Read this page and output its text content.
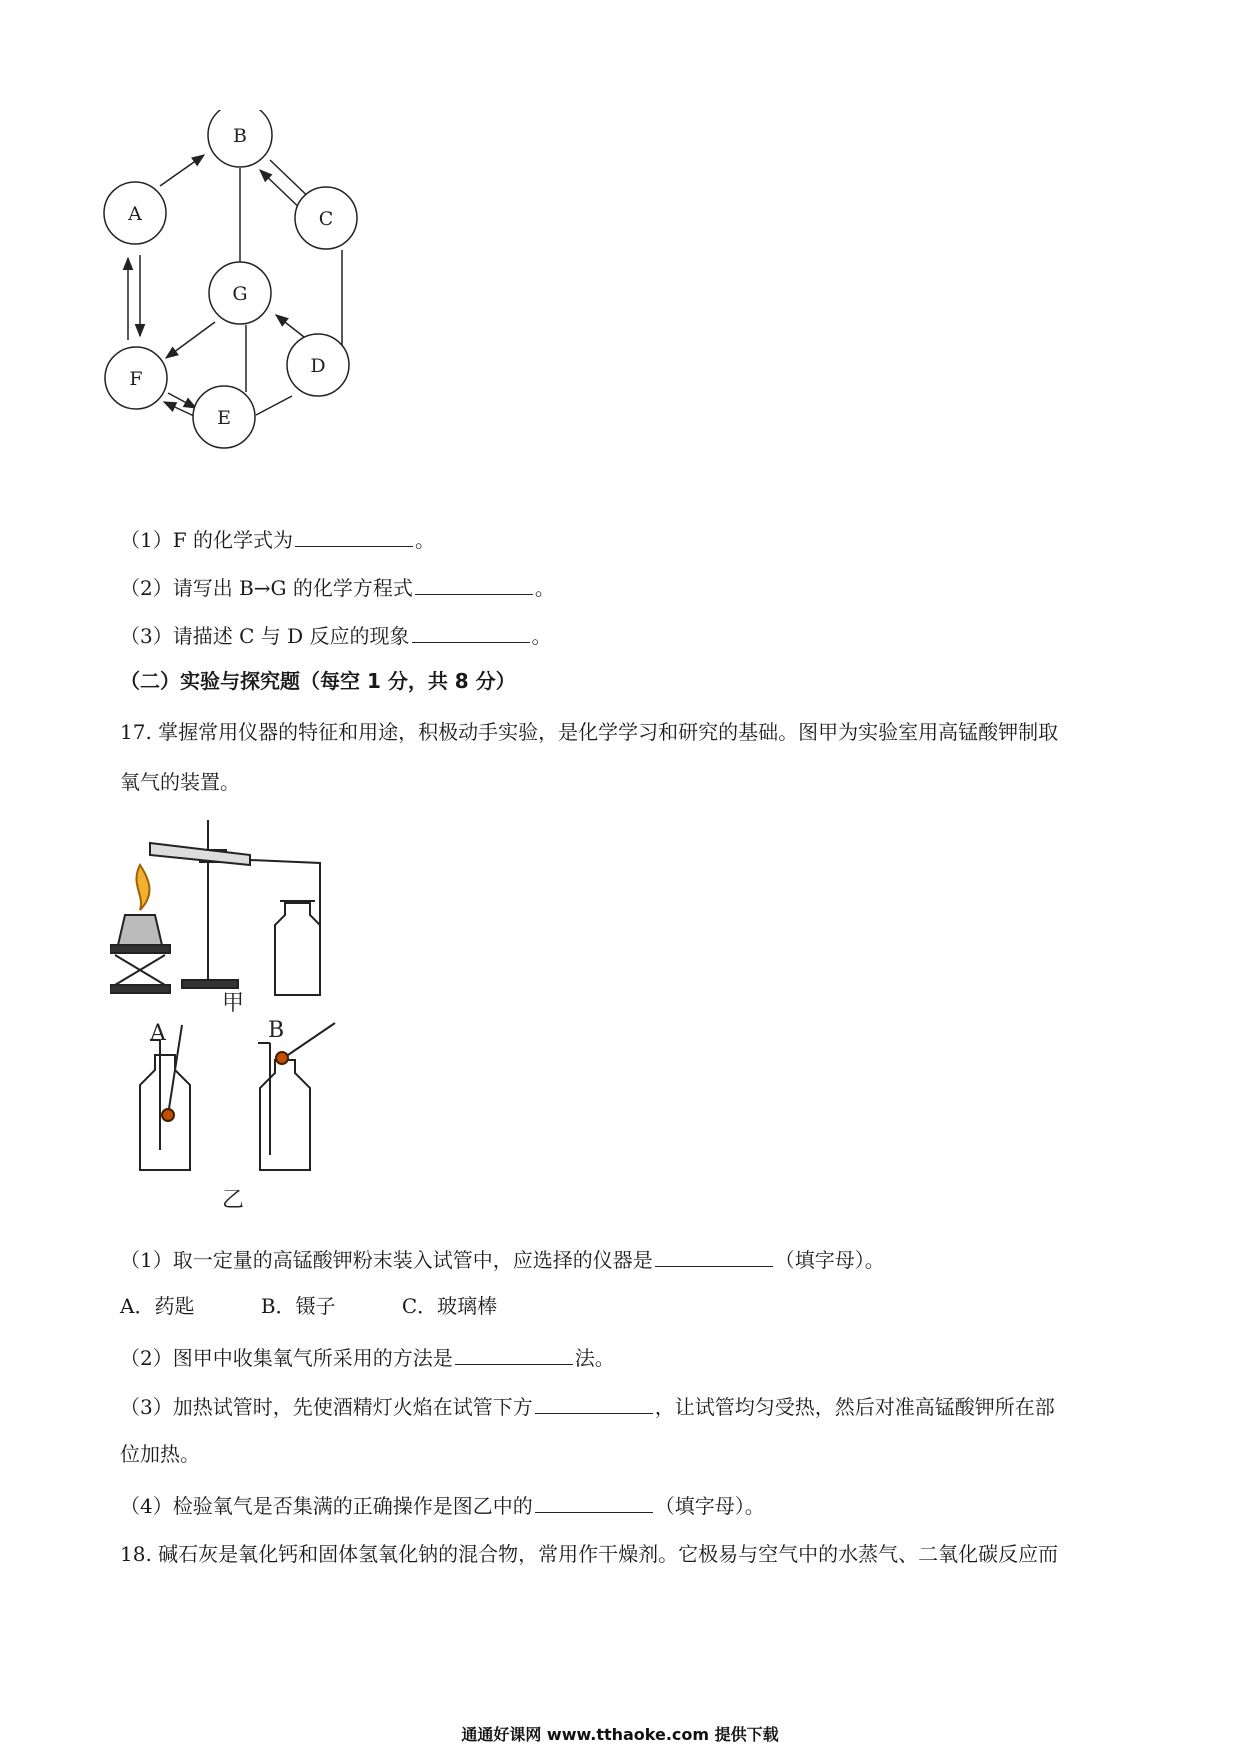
B
A	C
G
F
D
E
（1）F 的化学式为	。
（2）请写出 B→G 的化学方程式	。
（3）请描述 C 与 D 反应的现象	。
（二）实验与探究题（每空 1 分，共 8 分）
17. 掌握常用仪器的特征和用途，积极动手实验，是化学学习和研究的基础。图甲为实验室用高锰酸钾制取
氧气的装置。
甲
A	B
乙
（1）取一定量的高锰酸钾粉末装入试管中，应选择的仪器是	（填字母）。
A．药匙	B．镊子	C．玻璃棒
（2）图甲中收集氧气所采用的方法是	法。
（3）加热试管时，先使酒精灯火焰在试管下方	，让试管均匀受热，然后对准高锰酸钾所在部
位加热。
（4）检验氧气是否集满的正确操作是图乙中的	（填字母）。
18. 碱石灰是氧化钙和固体氢氧化钠的混合物，常用作干燥剂。它极易与空气中的水蒸气、二氧化碳反应而
通通好课网 www.tthaoke.com 提供下载
